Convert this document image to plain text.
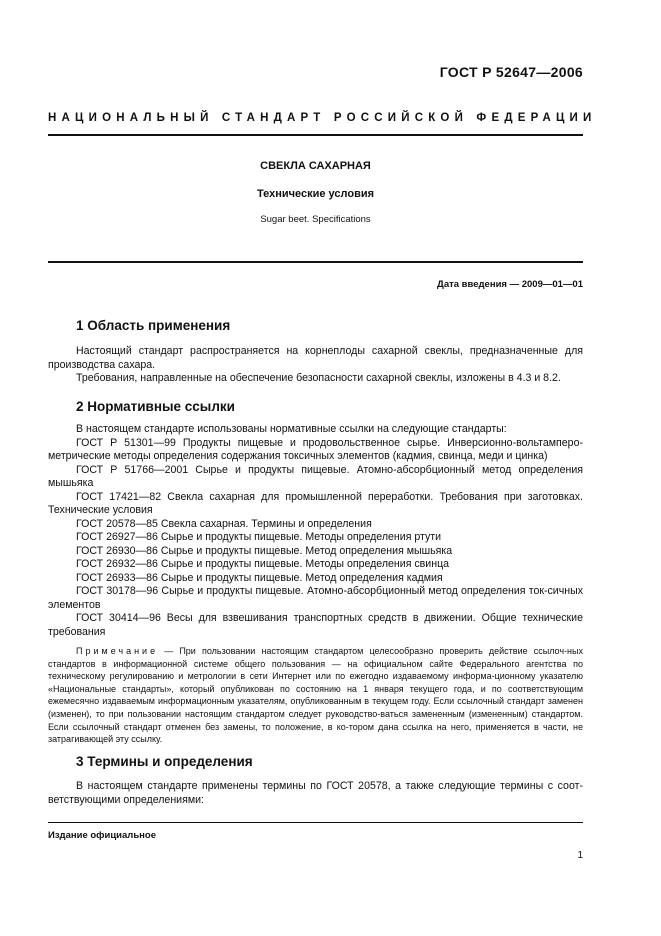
ГОСТ Р 52647—2006
НАЦИОНАЛЬНЫЙ СТАНДАРТ РОССИЙСКОЙ ФЕДЕРАЦИИ
СВЕКЛА САХАРНАЯ
Технические условия
Sugar beet. Specifications
Дата введения — 2009—01—01
1 Область применения

Настоящий стандарт распространяется на корнеплоды сахарной свеклы, предназначенные для производства сахара.

Требования, направленные на обеспечение безопасности сахарной свеклы, изложены в 4.3 и 8.2.

2 Нормативные ссылки

В настоящем стандарте использованы нормативные ссылки на следующие стандарты:

ГОСТ Р 51301—99 Продукты пищевые и продовольственное сырье. Инверсионно-вольтамперо-метрические методы определения содержания токсичных элементов (кадмия, свинца, меди и цинка)

ГОСТ Р 51766—2001 Сырье и продукты пищевые. Атомно-абсорбционный метод определения мышьяка

ГОСТ 17421—82 Свекла сахарная для промышленной переработки. Требования при заготовках. Технические условия

ГОСТ 20578—85 Свекла сахарная. Термины и определения

ГОСТ 26927—86 Сырье и продукты пищевые. Методы определения ртути

ГОСТ 26930—86 Сырье и продукты пищевые. Метод определения мышьяка

ГОСТ 26932—86 Сырье и продукты пищевые. Методы определения свинца

ГОСТ 26933—86 Сырье и продукты пищевые. Метод определения кадмия

ГОСТ 30178—96 Сырье и продукты пищевые. Атомно-абсорбционный метод определения ток-сичных элементов

ГОСТ 30414—96 Весы для взвешивания транспортных средств в движении. Общие технические требования

Примечание — При пользовании настоящим стандартом целесообразно проверить действие ссылоч-ных стандартов в информационной системе общего пользования — на официальном сайте Федерального агентства по техническому регулированию и метрологии в сети Интернет или по ежегодно издаваемому информа-ционному указателю «Национальные стандарты», который опубликован по состоянию на 1 января текущего года, и по соответствующим ежемесячно издаваемым информационным указателям, опубликованным в текущем году. Если ссылочный стандарт заменен (изменен), то при пользовании настоящим стандартом следует руководство-ваться замененным (измененным) стандартом. Если ссылочный стандарт отменен без замены, то положение, в ко-тором дана ссылка на него, применяется в части, не затрагивающей эту ссылку.

3 Термины и определения

В настоящем стандарте применены термины по ГОСТ 20578, а также следующие термины с соот-ветствующими определениями:

Издание официальное
1
